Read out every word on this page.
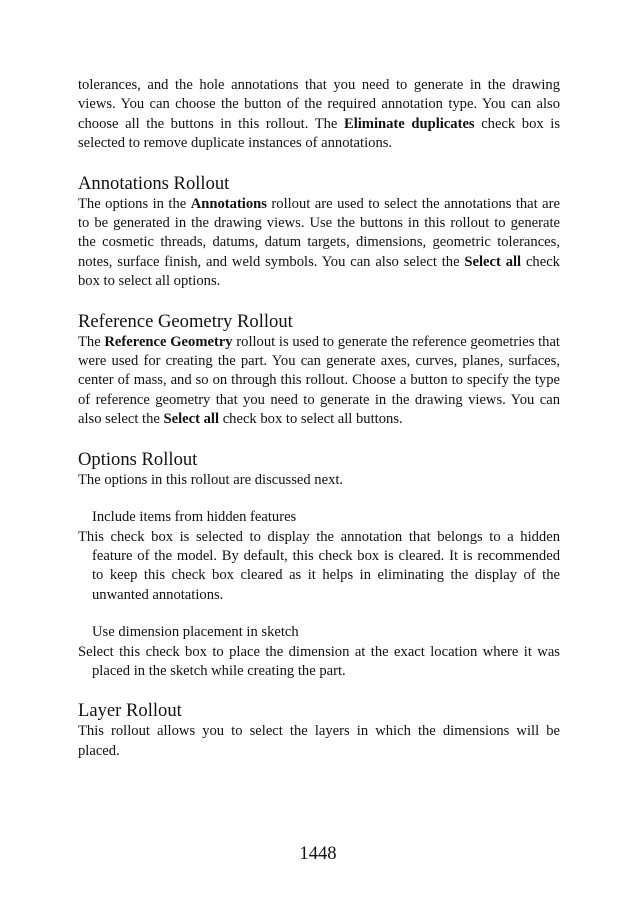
tolerances, and the hole annotations that you need to generate in the drawing views. You can choose the button of the required annotation type. You can also choose all the buttons in this rollout. The Eliminate duplicates check box is selected to remove duplicate instances of annotations.

Annotations Rollout

The options in the Annotations rollout are used to select the annotations that are to be generated in the drawing views. Use the buttons in this rollout to generate the cosmetic threads, datums, datum targets, dimensions, geometric tolerances, notes, surface finish, and weld symbols. You can also select the Select all check box to select all options.

Reference Geometry Rollout

The Reference Geometry rollout is used to generate the reference geometries that were used for creating the part. You can generate axes, curves, planes, surfaces, center of mass, and so on through this rollout. Choose a button to specify the type of reference geometry that you need to generate in the drawing views. You can also select the Select all check box to select all buttons.

Options Rollout

The options in this rollout are discussed next.

Include items from hidden features
This check box is selected to display the annotation that belongs to a hidden feature of the model. By default, this check box is cleared. It is recommended to keep this check box cleared as it helps in eliminating the display of the unwanted annotations.
Use dimension placement in sketch
Select this check box to place the dimension at the exact location where it was placed in the sketch while creating the part.
Layer Rollout

This rollout allows you to select the layers in which the dimensions will be placed.

1448
